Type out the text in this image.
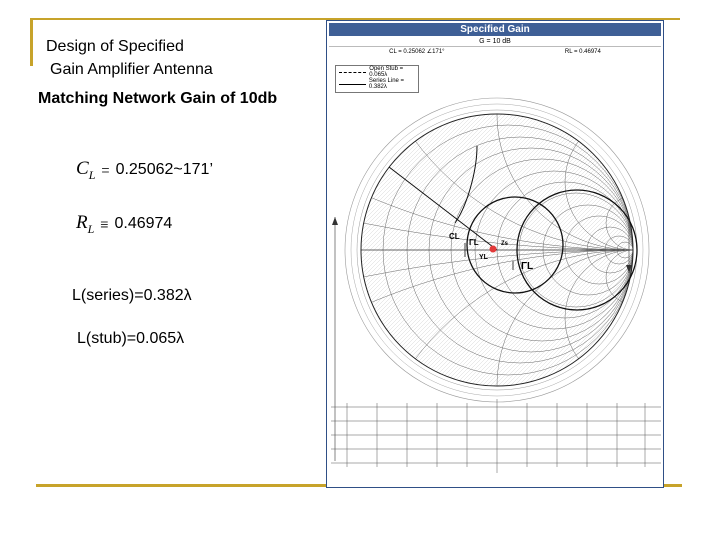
Design of Specified
Gain Amplifier Antenna
Matching Network Gain of 10db
$C_L$ = 0.25062~171’
$R_L \equiv 0.46974$
L(series)=0.382λ
L(stub)=0.065λ
Specified Gain
G = 10 dB
CL = 0.25062 ∠171°	RL = 0.46974
CL
ΓL	Zs
YL
ΓL
Open Stub = 0.065λ
Series Line = 0.382λ
